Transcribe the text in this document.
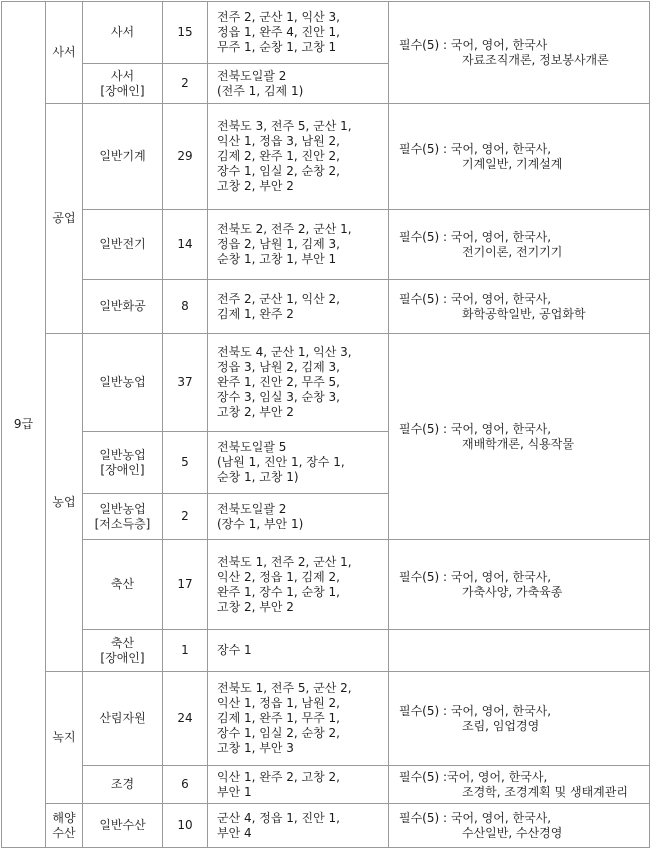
9급	사서	사서	15	전주 2, 군산 1, 익산 3,
정읍 1, 완주 4, 진안 1,
무주 1, 순창 1, 고창 1	필수(5) : 국어, 영어, 한국사
자료조직개론, 정보봉사개론

		사서
[장애인]	2	전북도일괄 2
(전주 1, 김제 1)	
	공업	일반기계	29	전북도 3, 전주 5, 군산 1,
익산 1, 정읍 3, 남원 2,
김제 2, 완주 1, 진안 2,
장수 1, 임실 2, 순창 2,
고창 2, 부안 2	필수(5) : 국어, 영어, 한국사,
기계일반, 기계설계

		일반전기	14	전북도 2, 전주 2, 군산 1,
정읍 2, 남원 1, 김제 3,
순창 1, 고창 1, 부안 1	필수(5) : 국어, 영어, 한국사,
전기이론, 전기기기

		일반화공	8	전주 2, 군산 1, 익산 2,
김제 1, 완주 2	필수(5) : 국어, 영어, 한국사,
화학공학일반, 공업화학

	농업	일반농업	37	전북도 4, 군산 1, 익산 3,
정읍 3, 남원 2, 김제 3,
완주 1, 진안 2, 무주 5,
장수 3, 임실 3, 순창 3,
고창 2, 부안 2	필수(5) : 국어, 영어, 한국사,
재배학개론, 식용작물

		일반농업
[장애인]	5	전북도일괄 5
(남원 1, 진안 1, 장수 1,
순창 1, 고창 1)	

		일반농업
[저소득층]	2	전북도일괄 2
(장수 1, 부안 1)	

		축산	17	전북도 1, 전주 2, 군산 1,
익산 2, 정읍 1, 김제 2,
완주 1, 장수 1, 순창 1,
고창 2, 부안 2	필수(5) : 국어, 영어, 한국사,
가축사양, 가축육종

		축산
[장애인]	1	장수 1	
	녹지	산림자원	24	전북도 1, 전주 5, 군산 2,
익산 1, 정읍 1, 남원 2,
김제 1, 완주 1, 무주 1,
장수 1, 임실 2, 순창 2,
고창 1, 부안 3	필수(5) : 국어, 영어, 한국사,
조림, 임업경영

		조경	6	익산 1, 완주 2, 고창 2,
부안 1	필수(5) :국어, 영어, 한국사,
조경학, 조경계획 및 생태계관리

	해양
수산	일반수산	10	군산 4, 정읍 1, 진안 1,
부안 4	필수(5) : 국어, 영어, 한국사,
수산일반, 수산경영
